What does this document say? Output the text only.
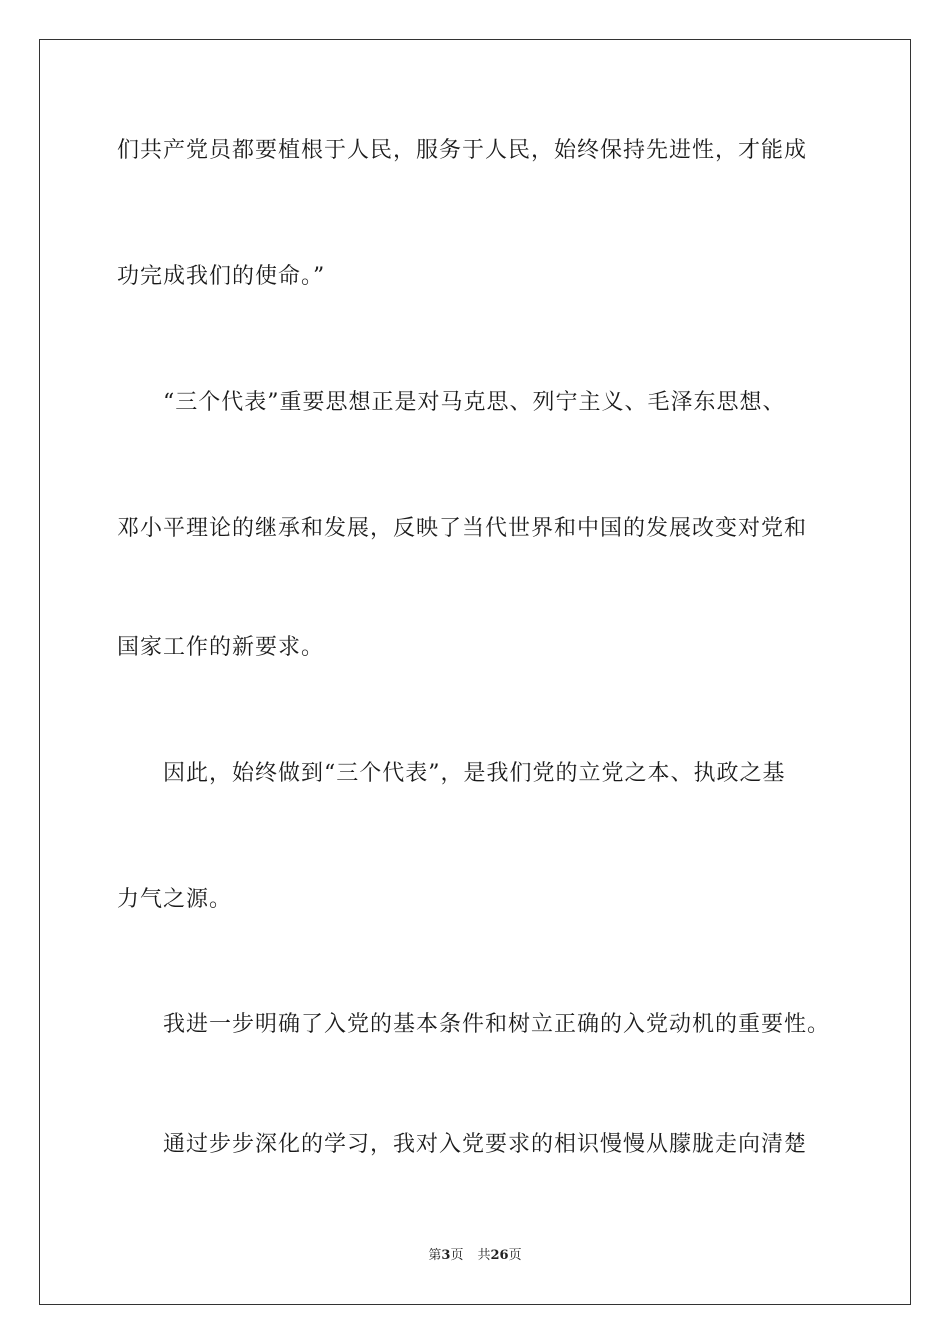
们共产党员都要植根于人民，服务于人民，始终保持先进性，才能成

功完成我们的使命。”

“三个代表”重要思想正是对马克思、列宁主义、毛泽东思想、

邓小平理论的继承和发展，反映了当代世界和中国的发展改变对党和

国家工作的新要求。

因此，始终做到“三个代表”，是我们党的立党之本、执政之基

力气之源。

我进一步明确了入党的基本条件和树立正确的入党动机的重要性。

通过步步深化的学习，我对入党要求的相识慢慢从朦胧走向清楚

第3页 共26页
